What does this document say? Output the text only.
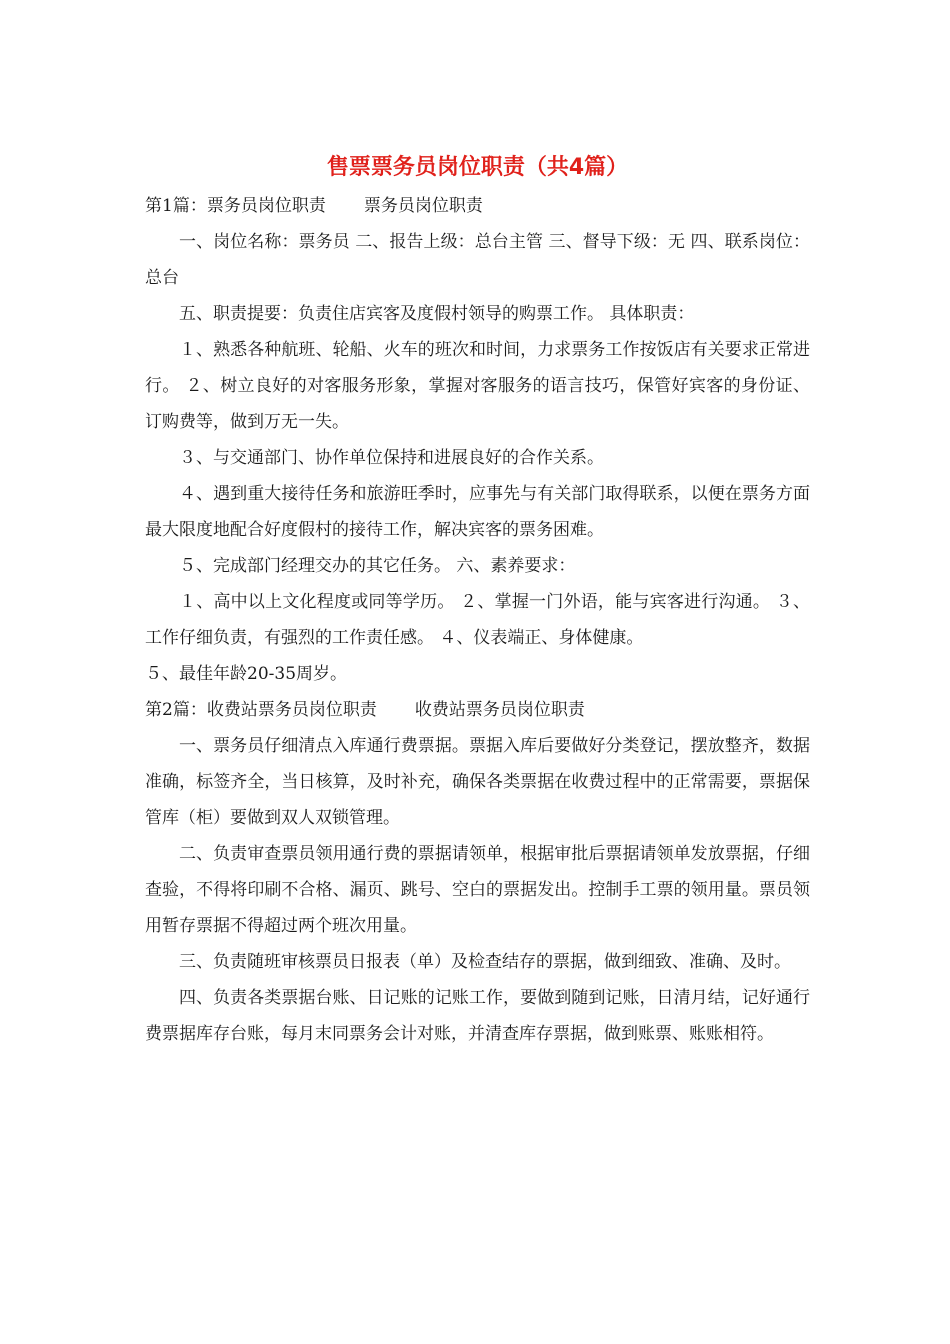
售票票务员岗位职责（共4篇）

第1篇：票务员岗位职责 票务员岗位职责

一、岗位名称：票务员 二、报告上级：总台主管 三、督导下级：无 四、联系岗位：总台

五、职责提要：负责住店宾客及度假村领导的购票工作。 具体职责：

１、熟悉各种航班、轮船、火车的班次和时间，力求票务工作按饭店有关要求正常进行。 ２、树立良好的对客服务形象，掌握对客服务的语言技巧，保管好宾客的身份证、订购费等，做到万无一失。

３、与交通部门、协作单位保持和进展良好的合作关系。

４、遇到重大接待任务和旅游旺季时，应事先与有关部门取得联系，以便在票务方面最大限度地配合好度假村的接待工作，解决宾客的票务困难。

５、完成部门经理交办的其它任务。 六、素养要求：

１、高中以上文化程度或同等学历。 ２、掌握一门外语，能与宾客进行沟通。 ３、工作仔细负责，有强烈的工作责任感。 ４、仪表端正、身体健康。

５、最佳年龄20-35周岁。

第2篇：收费站票务员岗位职责 收费站票务员岗位职责

一、票务员仔细清点入库通行费票据。票据入库后要做好分类登记，摆放整齐，数据准确，标签齐全，当日核算，及时补充，确保各类票据在收费过程中的正常需要，票据保管库（柜）要做到双人双锁管理。

二、负责审查票员领用通行费的票据请领单，根据审批后票据请领单发放票据，仔细查验，不得将印刷不合格、漏页、跳号、空白的票据发出。控制手工票的领用量。票员领用暂存票据不得超过两个班次用量。

三、负责随班审核票员日报表（单）及检查结存的票据，做到细致、准确、及时。

四、负责各类票据台账、日记账的记账工作，要做到随到记账，日清月结，记好通行费票据库存台账，每月末同票务会计对账，并清查库存票据，做到账票、账账相符。
